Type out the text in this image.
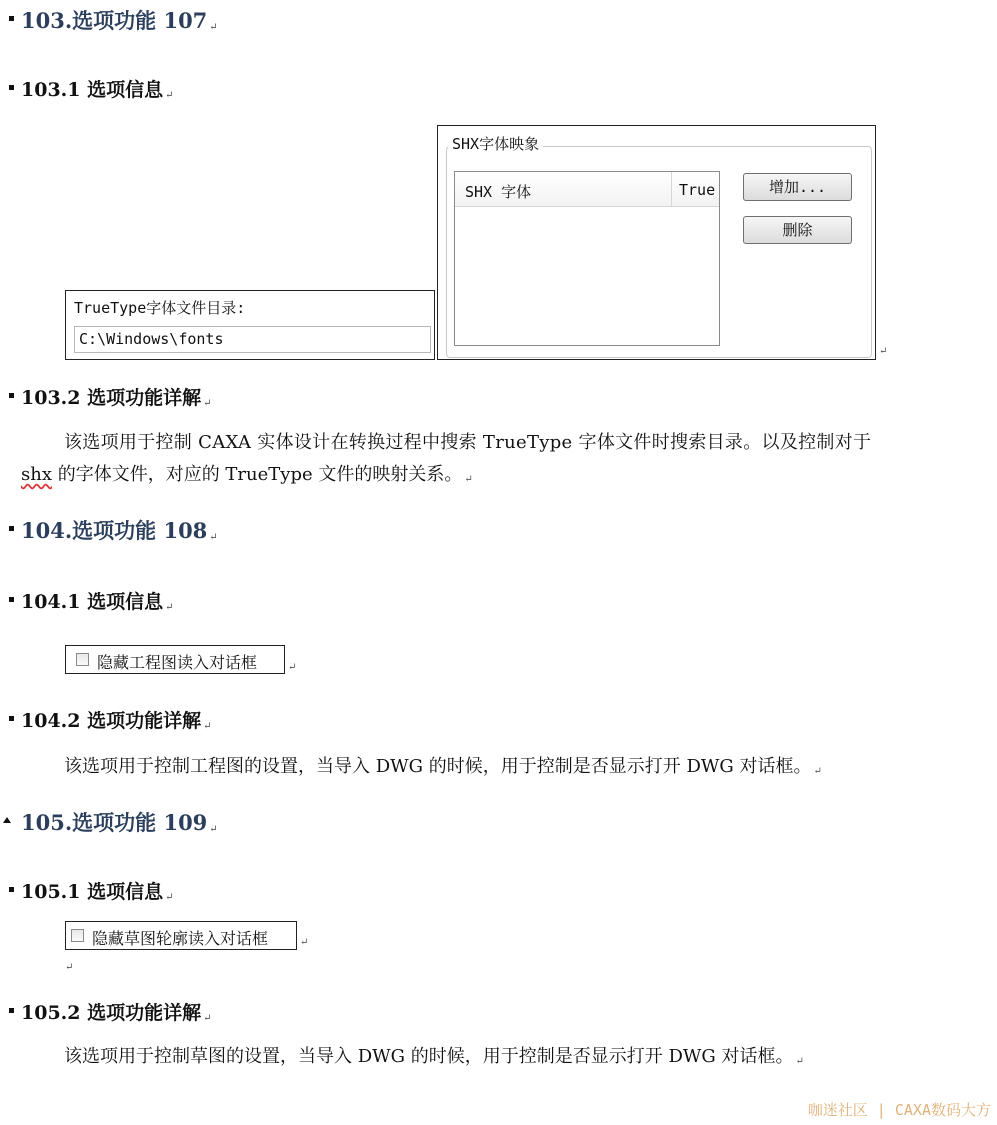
103.选项功能 107 ↵
103.1 选项信息 ↵
TrueType字体文件目录:
C:\Windows\fonts
SHX字体映象
SHX 字体	True	增加...
删除
↵
103.2 选项功能详解 ↵
该选项用于控制 CAXA 实体设计在转换过程中搜索 TrueType 字体文件时搜索目录。以及控制对于
shx 的字体文件，对应的 TrueType 文件的映射关系。 ↵
104.选项功能 108 ↵
104.1 选项信息 ↵
隐藏工程图读入对话框	↵
104.2 选项功能详解 ↵
该选项用于控制工程图的设置，当导入 DWG 的时候，用于控制是否显示打开 DWG 对话框。 ↵
105.选项功能 109 ↵
105.1 选项信息 ↵
隐藏草图轮廓读入对话框	↵
↵
105.2 选项功能详解 ↵
该选项用于控制草图的设置，当导入 DWG 的时候，用于控制是否显示打开 DWG 对话框。 ↵
咖迷社区 | CAXA数码大方
